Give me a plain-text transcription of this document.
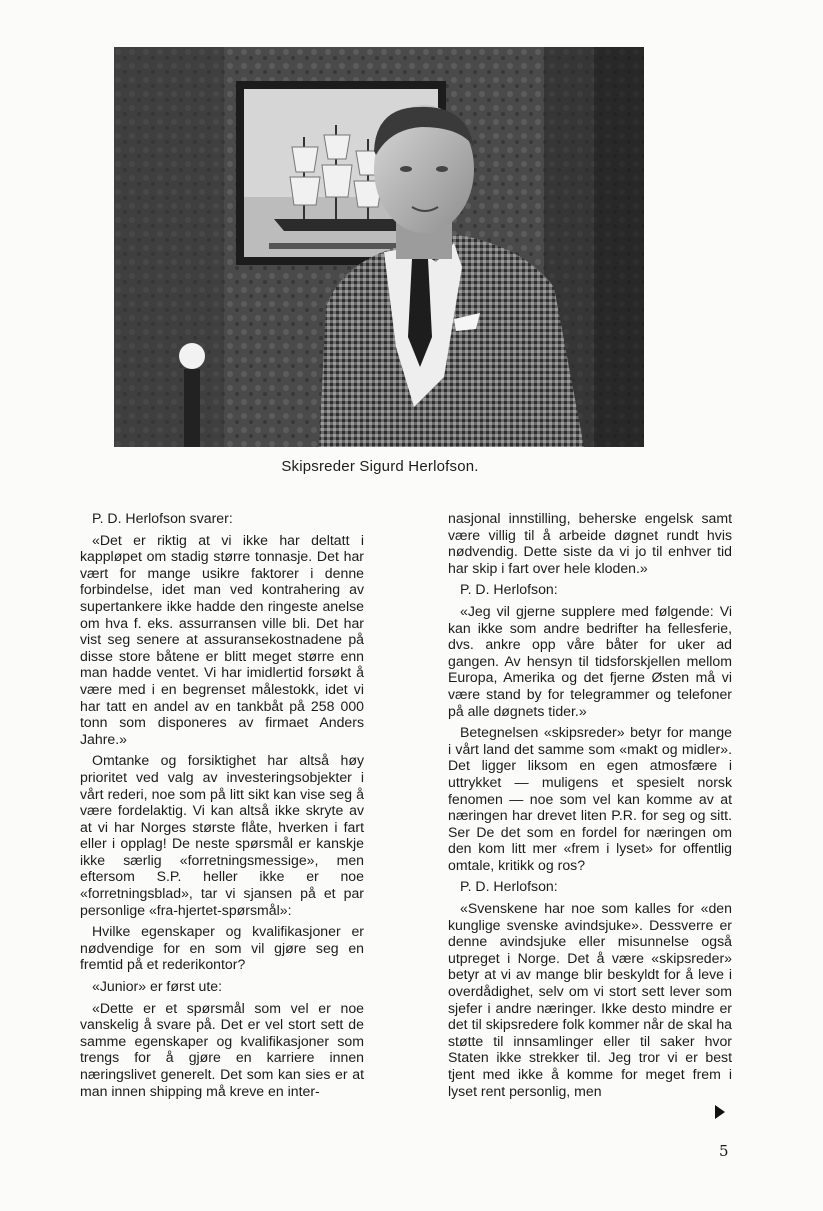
Skipsreder Sigurd Herlofson.

P. D. Herlofson svarer:

«Det er riktig at vi ikke har deltatt i kappløpet om stadig større tonnasje. Det har vært for mange usikre faktorer i denne forbindelse, idet man ved kontrahering av supertankere ikke hadde den ringeste anelse om hva f. eks. assurransen ville bli. Det har vist seg senere at assuransekostnadene på disse store båtene er blitt meget større enn man hadde ventet. Vi har imidlertid forsøkt å være med i en begrenset målestokk, idet vi har tatt en andel av en tankbåt på 258 000 tonn som disponeres av firmaet Anders Jahre.»

Omtanke og forsiktighet har altså høy prioritet ved valg av investeringsobjekter i vårt rederi, noe som på litt sikt kan vise seg å være fordelaktig. Vi kan altså ikke skryte av at vi har Norges største flåte, hverken i fart eller i opplag! De neste spørsmål er kanskje ikke særlig «forretningsmessige», men eftersom S.P. heller ikke er noe «forretningsblad», tar vi sjansen på et par personlige «fra-hjertet-spørsmål»:

Hvilke egenskaper og kvalifikasjoner er nødvendige for en som vil gjøre seg en fremtid på et rederikontor?

«Junior» er først ute:

«Dette er et spørsmål som vel er noe vanskelig å svare på. Det er vel stort sett de samme egenskaper og kvalifikasjoner som trengs for å gjøre en karriere innen næringslivet generelt. Det som kan sies er at man innen shipping må kreve en inter-

nasjonal innstilling, beherske engelsk samt være villig til å arbeide døgnet rundt hvis nødvendig. Dette siste da vi jo til enhver tid har skip i fart over hele kloden.»

P. D. Herlofson:

«Jeg vil gjerne supplere med følgende: Vi kan ikke som andre bedrifter ha fellesferie, dvs. ankre opp våre båter for uker ad gangen. Av hensyn til tidsforskjellen mellom Europa, Amerika og det fjerne Østen må vi være stand by for telegrammer og telefoner på alle døgnets tider.»

Betegnelsen «skipsreder» betyr for mange i vårt land det samme som «makt og midler». Det ligger liksom en egen atmosfære i uttrykket — muligens et spesielt norsk fenomen — noe som vel kan komme av at næringen har drevet liten P.R. for seg og sitt. Ser De det som en fordel for næringen om den kom litt mer «frem i lyset» for offentlig omtale, kritikk og ros?

P. D. Herlofson:

«Svenskene har noe som kalles for «den kunglige svenske avindsjuke». Dessverre er denne avindsjuke eller misunnelse også utpreget i Norge. Det å være «skipsreder» betyr at vi av mange blir beskyldt for å leve i overdådighet, selv om vi stort sett lever som sjefer i andre næringer. Ikke desto mindre er det til skipsredere folk kommer når de skal ha støtte til innsamlinger eller til saker hvor Staten ikke strekker til. Jeg tror vi er best tjent med ikke å komme for meget frem i lyset rent personlig, men

5
